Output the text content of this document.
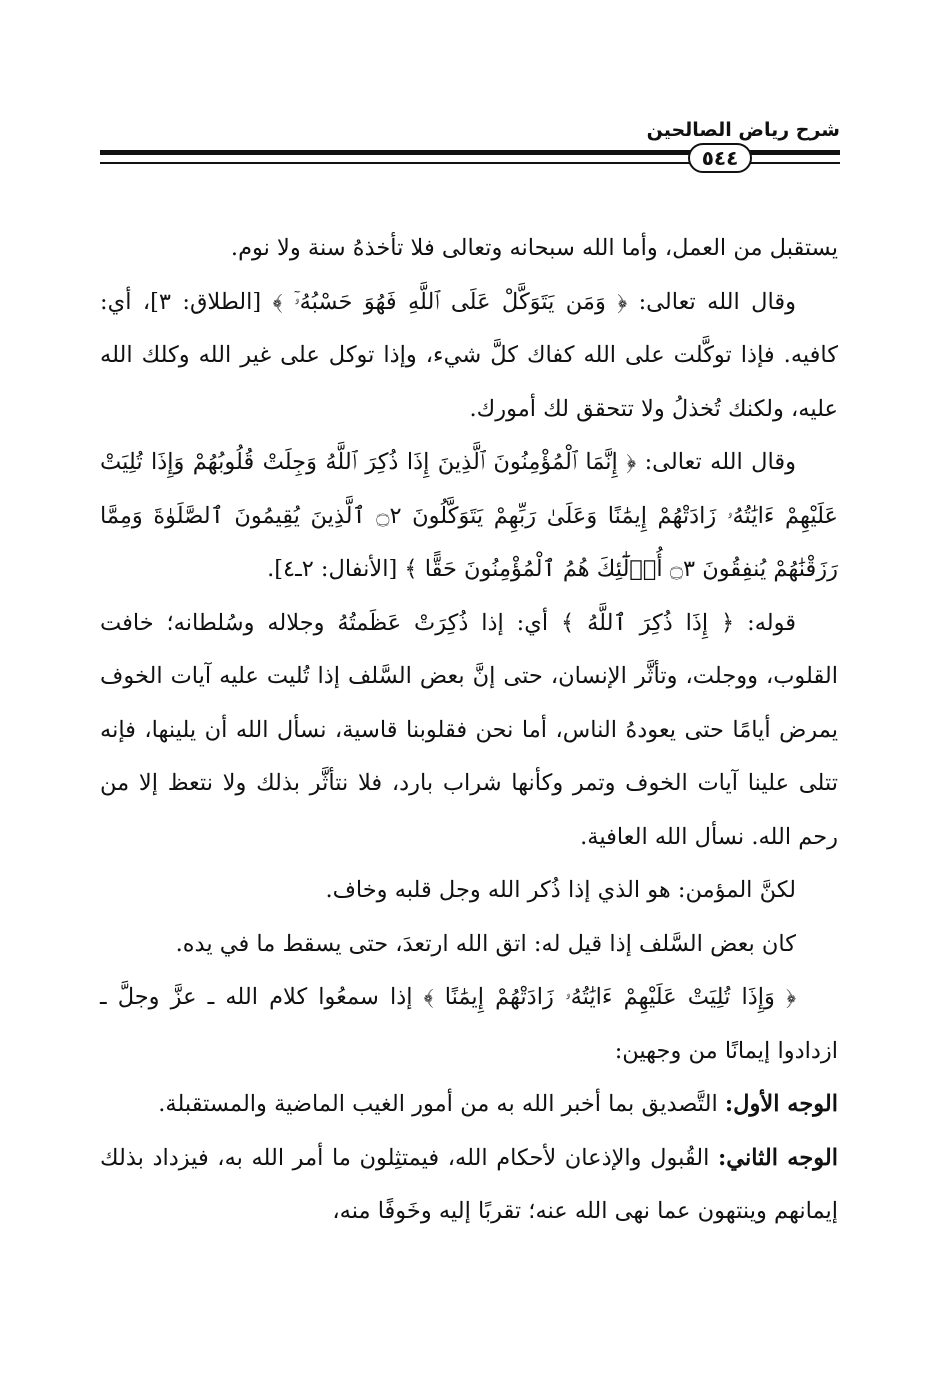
شرح رياض الصالحين
٥٤٤

يستقبل من العمل، وأما الله سبحانه وتعالى فلا تأخذهُ سنة ولا نوم.

وقال الله تعالى: ﴿ وَمَن يَتَوَكَّلْ عَلَى ٱللَّهِ فَهُوَ حَسْبُهُۥٓ ﴾ [الطلاق: ٣]، أي: كافيه. فإذا توكَّلت على الله كفاك كلَّ شيء، وإذا توكل على غير الله وكلك الله عليه، ولكنك تُخذلُ ولا تتحقق لك أمورك.

وقال الله تعالى: ﴿ إِنَّمَا ٱلْمُؤْمِنُونَ ٱلَّذِينَ إِذَا ذُكِرَ ٱللَّهُ وَجِلَتْ قُلُوبُهُمْ وَإِذَا تُلِيَتْ عَلَيْهِمْ ءَايَٰتُهُۥ زَادَتْهُمْ إِيمَٰنًا وَعَلَىٰ رَبِّهِمْ يَتَوَكَّلُونَ ۝٢ ٱلَّذِينَ يُقِيمُونَ ٱلصَّلَوٰةَ وَمِمَّا رَزَقْنَٰهُمْ يُنفِقُونَ ۝٣ أُو۟لَٰٓئِكَ هُمُ ٱلْمُؤْمِنُونَ حَقًّا ﴾ [الأنفال: ٢ـ٤].

قوله: ﴿ إِذَا ذُكِرَ ٱللَّهُ ﴾ أي: إذا ذُكِرَتْ عَظَمتُهُ وجلاله وسُلطانه؛ خافت القلوب، ووجلت، وتأثَّر الإنسان، حتى إنَّ بعض السَّلف إذا تُليت عليه آيات الخوف يمرض أيامًا حتى يعودهُ الناس، أما نحن فقلوبنا قاسية، نسأل الله أن يلينها، فإنه تتلى علينا آيات الخوف وتمر وكأنها شراب بارد، فلا نتأثَّر بذلك ولا نتعظ إلا من رحم الله. نسأل الله العافية.

لكنَّ المؤمن: هو الذي إذا ذُكر الله وجل قلبه وخاف.

كان بعض السَّلف إذا قيل له: اتق الله ارتعدَ، حتى يسقط ما في يده.

﴿ وَإِذَا تُلِيَتْ عَلَيْهِمْ ءَايَٰتُهُۥ زَادَتْهُمْ إِيمَٰنًا ﴾ إذا سمعُوا كلام الله ـ عزَّ وجلَّ ـ ازدادوا إيمانًا من وجهين:

الوجه الأول: التَّصديق بما أخبر الله به من أمور الغيب الماضية والمستقبلة.

الوجه الثاني: القُبول والإذعان لأحكام الله، فيمتثِلون ما أمر الله به، فيزداد بذلك إيمانهم وينتهون عما نهى الله عنه؛ تقربًا إليه وخَوفًا منه،
